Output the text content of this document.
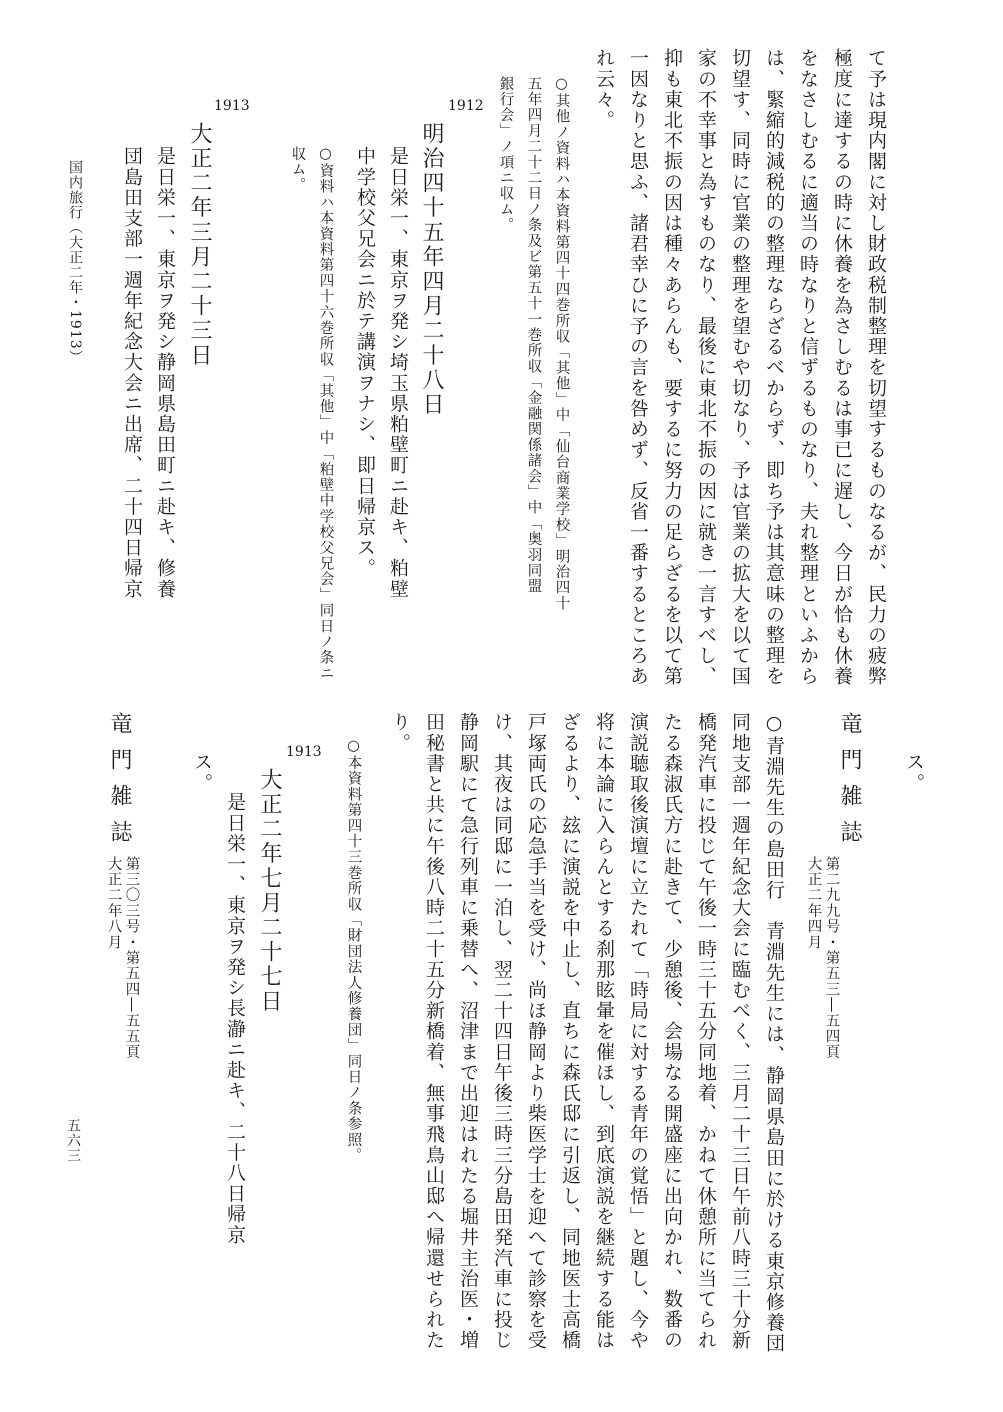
て予は現内閣に対し財政税制整理を切望するものなるが、民力の疲弊
極度に達するの時に休養を為さしむるは事已に遅し、今日が恰も休養
をなさしむるに適当の時なりと信ずるものなり、夫れ整理といふから
は、緊縮的減税的の整理ならざるべからず、即ち予は其意味の整理を
切望す、同時に官業の整理を望むや切なり、予は官業の拡大を以て国
家の不幸事と為すものなり、最後に東北不振の因に就き一言すべし、
抑も東北不振の因は種々あらんも、要するに努力の足らざるを以て第
一因なりと思ふ、諸君幸ひに予の言を咎めず、反省一番するところあ
れ云々。
○其他ノ資料ハ本資料第四十四巻所収「其他」中「仙台商業学校」明治四十
五年四月二十二日ノ条及ビ第五十一巻所収「金融関係諸会」中「奥羽同盟
銀行会」ノ項ニ収ム。
1912
明治四十五年四月二十八日
是日栄一、東京ヲ発シ埼玉県粕壁町ニ赴キ、粕壁
中学校父兄会ニ於テ講演ヲナシ、即日帰京ス。
○資料ハ本資料第四十六巻所収「其他」中「粕壁中学校父兄会」同日ノ条ニ
収ム。
1913
大正二年三月二十三日
是日栄一、東京ヲ発シ静岡県島田町ニ赴キ、修養
団島田支部一週年紀念大会ニ出席、二十四日帰京
国内旅行（大正二年・1913）
ス。
竜門雑誌
第二九九号・第五三―五四頁
大正二年四月
○青淵先生の島田行　青淵先生には、静岡県島田に於ける東京修養団
同地支部一週年紀念大会に臨むべく、三月二十三日午前八時三十分新
橋発汽車に投じて午後一時三十五分同地着、かねて休憩所に当てられ
たる森淑氏方に赴きて、少憩後、会場なる開盛座に出向かれ、数番の
演説聴取後演壇に立たれて「時局に対する青年の覚悟」と題し、今や
将に本論に入らんとする刹那眩暈を催ほし、到底演説を継続する能は
ざるより、玆に演説を中止し、直ちに森氏邸に引返し、同地医士高橋
戸塚両氏の応急手当を受け、尚ほ静岡より柴医学士を迎へて診察を受
け、其夜は同邸に一泊し、翌二十四日午後三時三分島田発汽車に投じ
静岡駅にて急行列車に乗替へ、沼津まで出迎はれたる堀井主治医・増
田秘書と共に午後八時二十五分新橋着、無事飛鳥山邸へ帰還せられた
り。
○本資料第四十三巻所収「財団法人修養団」同日ノ条参照。
1913
大正二年七月二十七日
是日栄一、東京ヲ発シ長瀞ニ赴キ、二十八日帰京
ス。
竜門雑誌
第三〇三号・第五四―五五頁
大正二年八月
五六三
